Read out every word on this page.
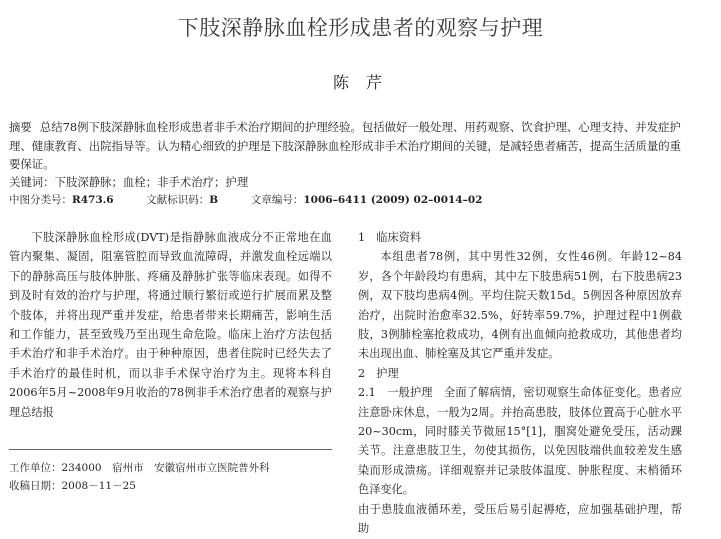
下肢深静脉血栓形成患者的观察与护理
陈 芹
摘要 总结78例下肢深静脉血栓形成患者非手术治疗期间的护理经验。包括做好一般处理、用药观察、饮食护理、心理支持、并发症护理、健康教育、出院指导等。认为精心细致的护理是下肢深静脉血栓形成非手术治疗期间的关键，是减轻患者痛苦，提高生活质量的重要保证。
关键词：下肢深静脉；血栓；非手术治疗；护理
中图分类号：R473.6	文献标识码：B	文章编号：1006–6411 (2009) 02–0014–02

下肢深静脉血栓形成(DVT)是指静脉血液成分不正常地在血管内聚集、凝固，阻塞管腔而导致血流障碍，并激发血栓远端以下的静脉高压与肢体肿胀、疼痛及静脉扩张等临床表现。如得不到及时有效的治疗与护理，将通过顺行繁衍或逆行扩展而累及整个肢体，并将出现严重并发症，给患者带来长期痛苦，影响生活和工作能力，甚至致残乃至出现生命危险。临床上治疗方法包括手术治疗和非手术治疗。由于种种原因，患者住院时已经失去了手术治疗的最佳时机，而以非手术保守治疗为主。现将本科自2006年5月~2008年9月收治的78例非手术治疗患者的观察与护理总结报

工作单位：234000　宿州市　安徽宿州市立医院普外科
收稿日期：2008－11－25

1　临床资料

本组患者78例，其中男性32例，女性46例。年龄12~84岁，各个年龄段均有患病，其中左下肢患病51例，右下肢患病23例，双下肢均患病4例。平均住院天数15d。5例因各种原因放弃治疗，出院时治愈率32.5%，好转率59.7%，护理过程中1例截肢，3例肺栓塞抢救成功，4例有出血倾向抢救成功，其他患者均未出现出血、肺栓塞及其它严重并发症。

2　护理

2.1　一般护理　全面了解病情，密切观察生命体征变化。患者应注意卧床休息，一般为2周。并抬高患肢，肢体位置高于心脏水平20~30cm，同时膝关节微屈15°[1]，腘窝处避免受压，活动踝关节。注意患肢卫生，勿使其损伤，以免因肢端供血较差发生感染而形成溃疡。详细观察并记录肢体温度、肿胀程度、末梢循环色泽变化。

由于患肢血液循环差，受压后易引起褥疮，应加强基础护理，帮助
